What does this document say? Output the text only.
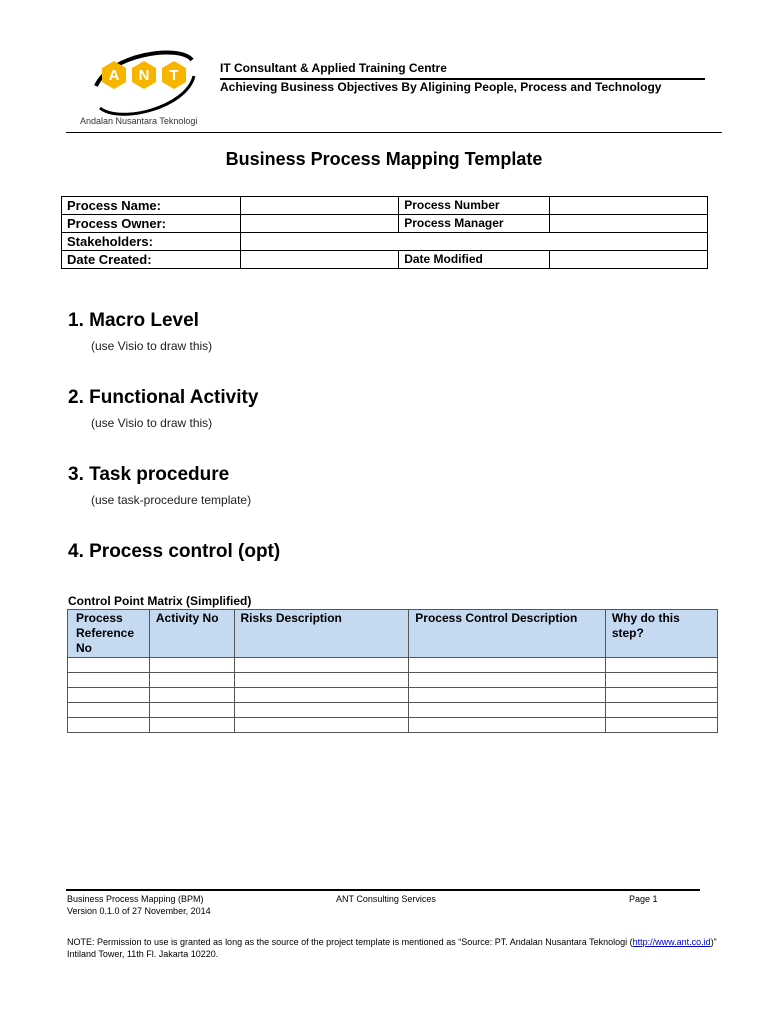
A N T
Andalan Nusantara Teknologi
IT Consultant & Applied Training Centre
Achieving Business Objectives By Aligining People, Process and Technology
Business Process Mapping Template
Process Name:		Process Number	
Process Owner:		Process Manager	
Stakeholders:			
Date Created:		Date Modified	
1. Macro Level
(use Visio to draw this)
2. Functional Activity
(use Visio to draw this)
3. Task procedure
(use task-procedure template)
4. Process control (opt)
Control Point Matrix (Simplified)
Process Reference No	Activity No	Risks Description	Process Control Description	Why do this step?

Business Process Mapping (BPM)
Version 0.1.0 of 27 November, 2014
ANT Consulting Services	Page 1
NOTE: Permission to use is granted as long as the source of the project template is mentioned as “Source: PT. Andalan Nusantara Teknologi (http://www.ant.co.id)” Intiland Tower, 11th Fl. Jakarta 10220.
